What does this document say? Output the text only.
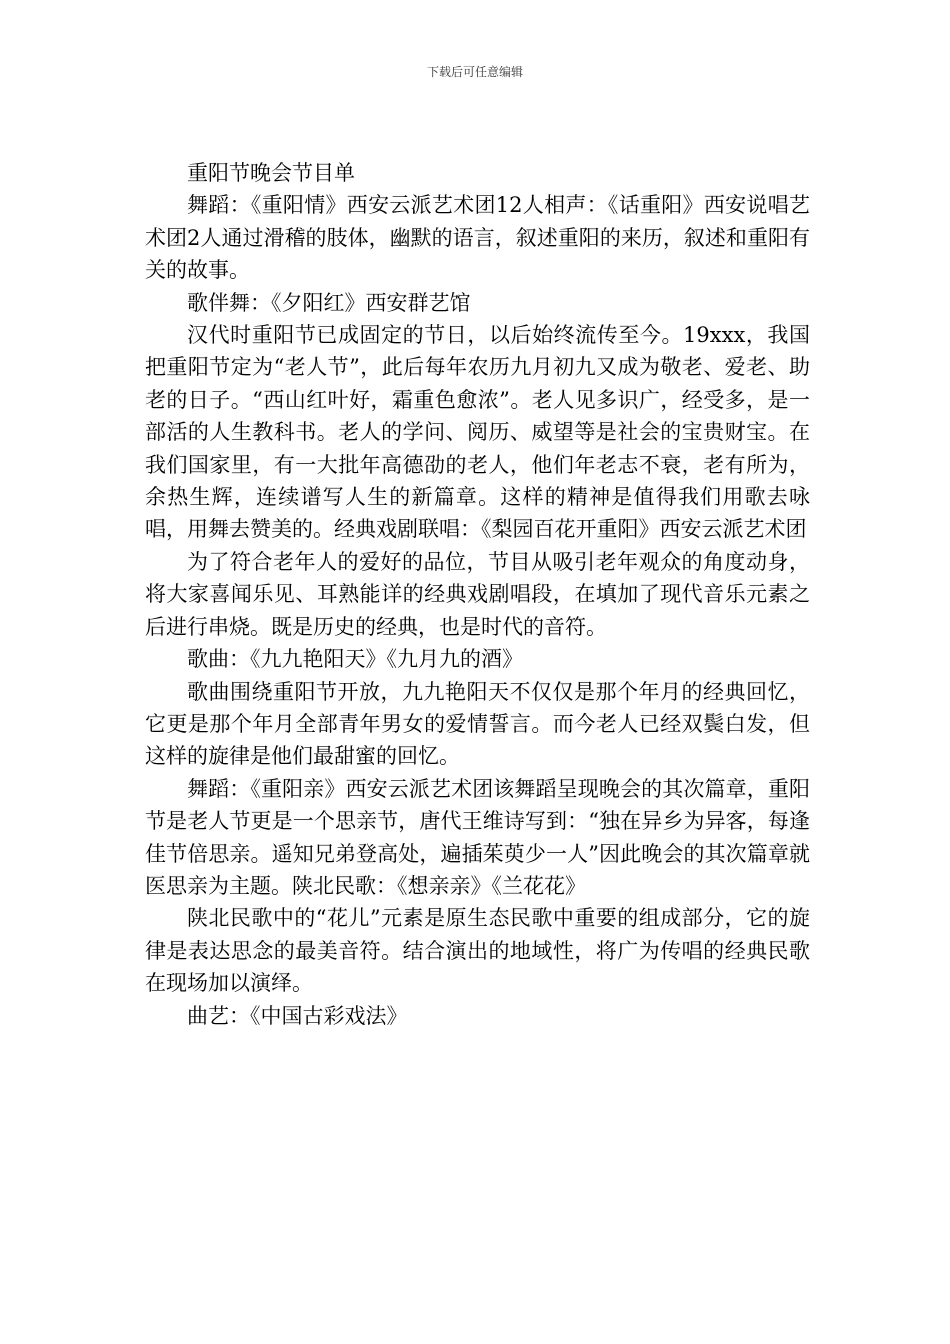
下载后可任意编辑

重阳节晚会节目单

舞蹈：《重阳情》西安云派艺术团12人相声：《话重阳》西安说唱艺术团2人通过滑稽的肢体，幽默的语言，叙述重阳的来历，叙述和重阳有关的故事。

歌伴舞：《夕阳红》西安群艺馆

汉代时重阳节已成固定的节日，以后始终流传至今。19xxx，我国把重阳节定为“老人节”，此后每年农历九月初九又成为敬老、爱老、助老的日子。“西山红叶好，霜重色愈浓”。老人见多识广，经受多，是一部活的人生教科书。老人的学问、阅历、威望等是社会的宝贵财宝。在我们国家里，有一大批年高德劭的老人，他们年老志不衰，老有所为，余热生辉，连续谱写人生的新篇章。这样的精神是值得我们用歌去咏唱，用舞去赞美的。经典戏剧联唱：《梨园百花开重阳》西安云派艺术团

为了符合老年人的爱好的品位，节目从吸引老年观众的角度动身，将大家喜闻乐见、耳熟能详的经典戏剧唱段，在填加了现代音乐元素之后进行串烧。既是历史的经典，也是时代的音符。

歌曲：《九九艳阳天》《九月九的酒》

歌曲围绕重阳节开放，九九艳阳天不仅仅是那个年月的经典回忆，它更是那个年月全部青年男女的爱情誓言。而今老人已经双鬓白发，但这样的旋律是他们最甜蜜的回忆。

舞蹈：《重阳亲》西安云派艺术团该舞蹈呈现晚会的其次篇章，重阳节是老人节更是一个思亲节，唐代王维诗写到：“独在异乡为异客，每逢佳节倍思亲。遥知兄弟登高处，遍插茱萸少一人”因此晚会的其次篇章就医思亲为主题。陕北民歌：《想亲亲》《兰花花》

陕北民歌中的“花儿”元素是原生态民歌中重要的组成部分，它的旋律是表达思念的最美音符。结合演出的地域性，将广为传唱的经典民歌在现场加以演绎。

曲艺：《中国古彩戏法》
